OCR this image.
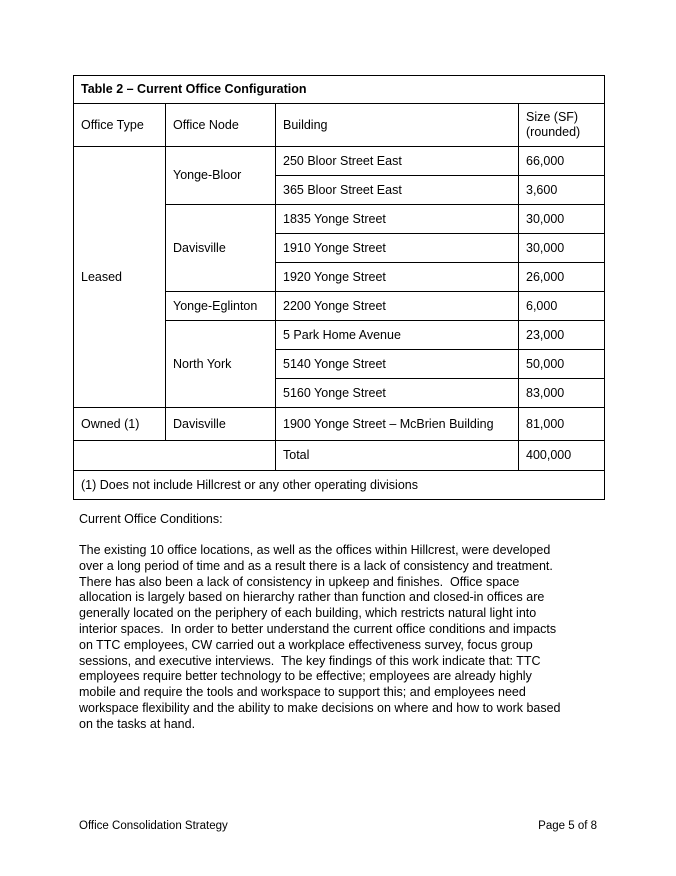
Table 2 – Current Office Configuration			
Office Type	Office Node	Building	Size (SF) (rounded)
Leased	Yonge-Bloor	250 Bloor Street East	66,000
		365 Bloor Street East	3,600
	Davisville	1835 Yonge Street	30,000
		1910 Yonge Street	30,000
		1920 Yonge Street	26,000
	Yonge-Eglinton	2200 Yonge Street	6,000
	North York	5 Park Home Avenue	23,000
		5140 Yonge Street	50,000
		5160 Yonge Street	83,000
Owned (1)	Davisville	1900 Yonge Street – McBrien Building	81,000
		Total	400,000
(1) Does not include Hillcrest or any other operating divisions			
Current Office Conditions:
The existing 10 office locations, as well as the offices within Hillcrest, were developed
over a long period of time and as a result there is a lack of consistency and treatment.
There has also been a lack of consistency in upkeep and finishes.  Office space
allocation is largely based on hierarchy rather than function and closed-in offices are
generally located on the periphery of each building, which restricts natural light into
interior spaces.  In order to better understand the current office conditions and impacts
on TTC employees, CW carried out a workplace effectiveness survey, focus group
sessions, and executive interviews.  The key findings of this work indicate that: TTC
employees require better technology to be effective; employees are already highly
mobile and require the tools and workspace to support this; and employees need
workspace flexibility and the ability to make decisions on where and how to work based
on the tasks at hand.
Office Consolidation Strategy	Page 5 of 8
